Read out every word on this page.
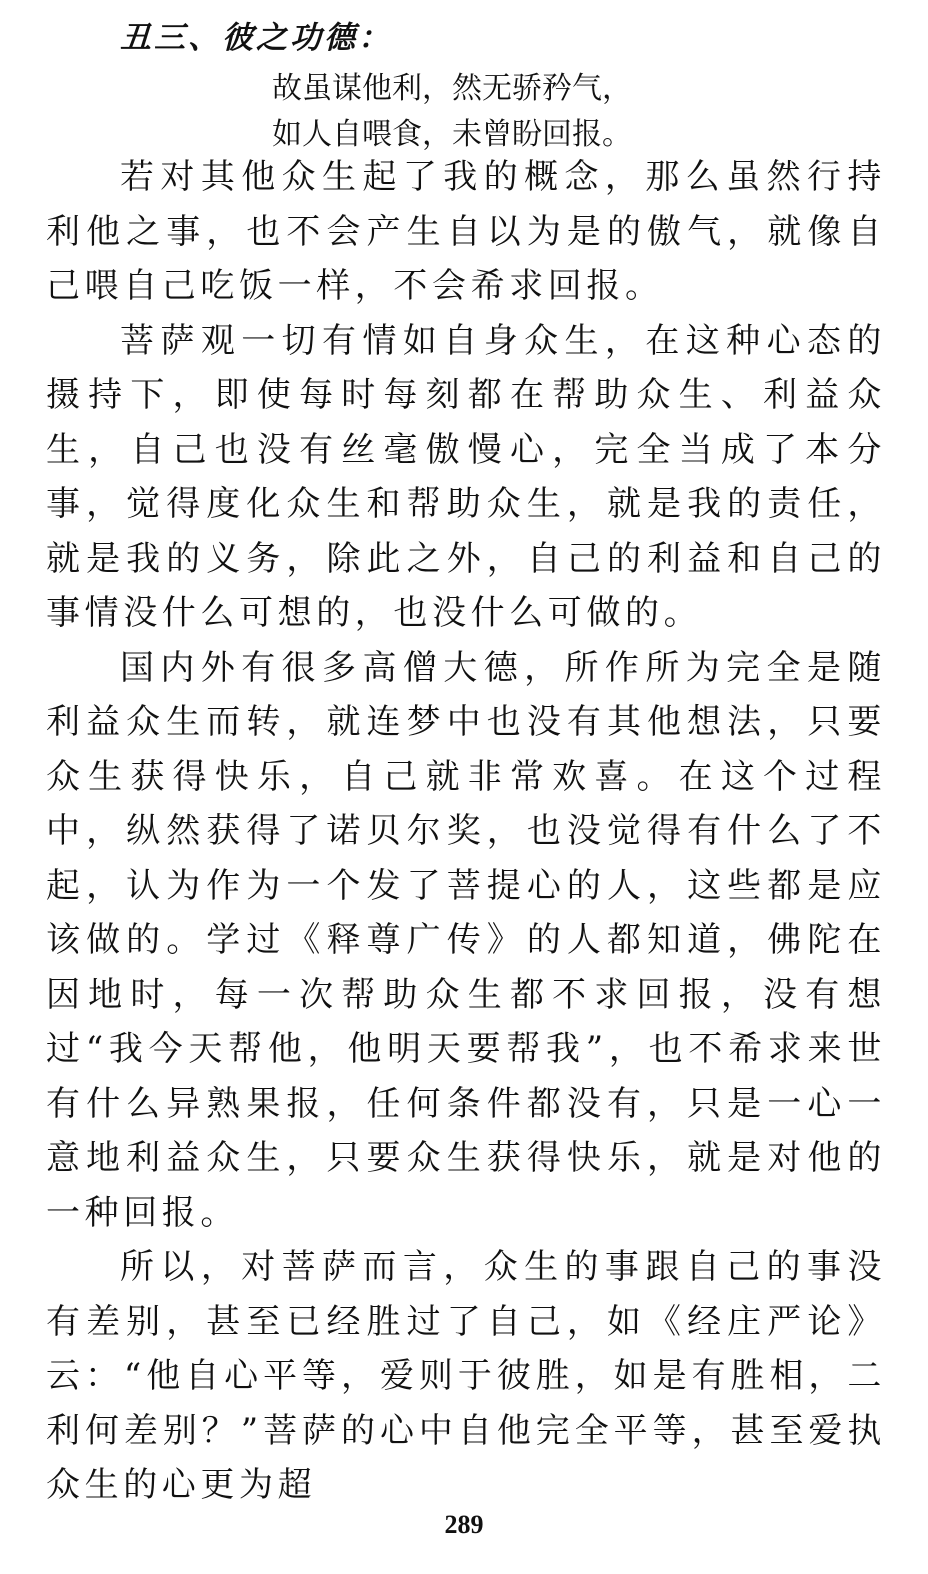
丑三、彼之功德：
故虽谋他利，然无骄矜气，
如人自喂食，未曾盼回报。

若对其他众生起了我的概念，那么虽然行持利他之事，也不会产生自以为是的傲气，就像自己喂自己吃饭一样，不会希求回报。

菩萨观一切有情如自身众生，在这种心态的摄持下，即使每时每刻都在帮助众生、利益众生，自己也没有丝毫傲慢心，完全当成了本分事，觉得度化众生和帮助众生，就是我的责任，就是我的义务，除此之外，自己的利益和自己的事情没什么可想的，也没什么可做的。

国内外有很多高僧大德，所作所为完全是随利益众生而转，就连梦中也没有其他想法，只要众生获得快乐，自己就非常欢喜。在这个过程中，纵然获得了诺贝尔奖，也没觉得有什么了不起，认为作为一个发了菩提心的人，这些都是应该做的。学过《释尊广传》的人都知道，佛陀在因地时，每一次帮助众生都不求回报，没有想过“我今天帮他，他明天要帮我”，也不希求来世有什么异熟果报，任何条件都没有，只是一心一意地利益众生，只要众生获得快乐，就是对他的一种回报。

所以，对菩萨而言，众生的事跟自己的事没有差别，甚至已经胜过了自己，如《经庄严论》云：“他自心平等，爱则于彼胜，如是有胜相，二利何差别？”菩萨的心中自他完全平等，甚至爱执众生的心更为超

289
